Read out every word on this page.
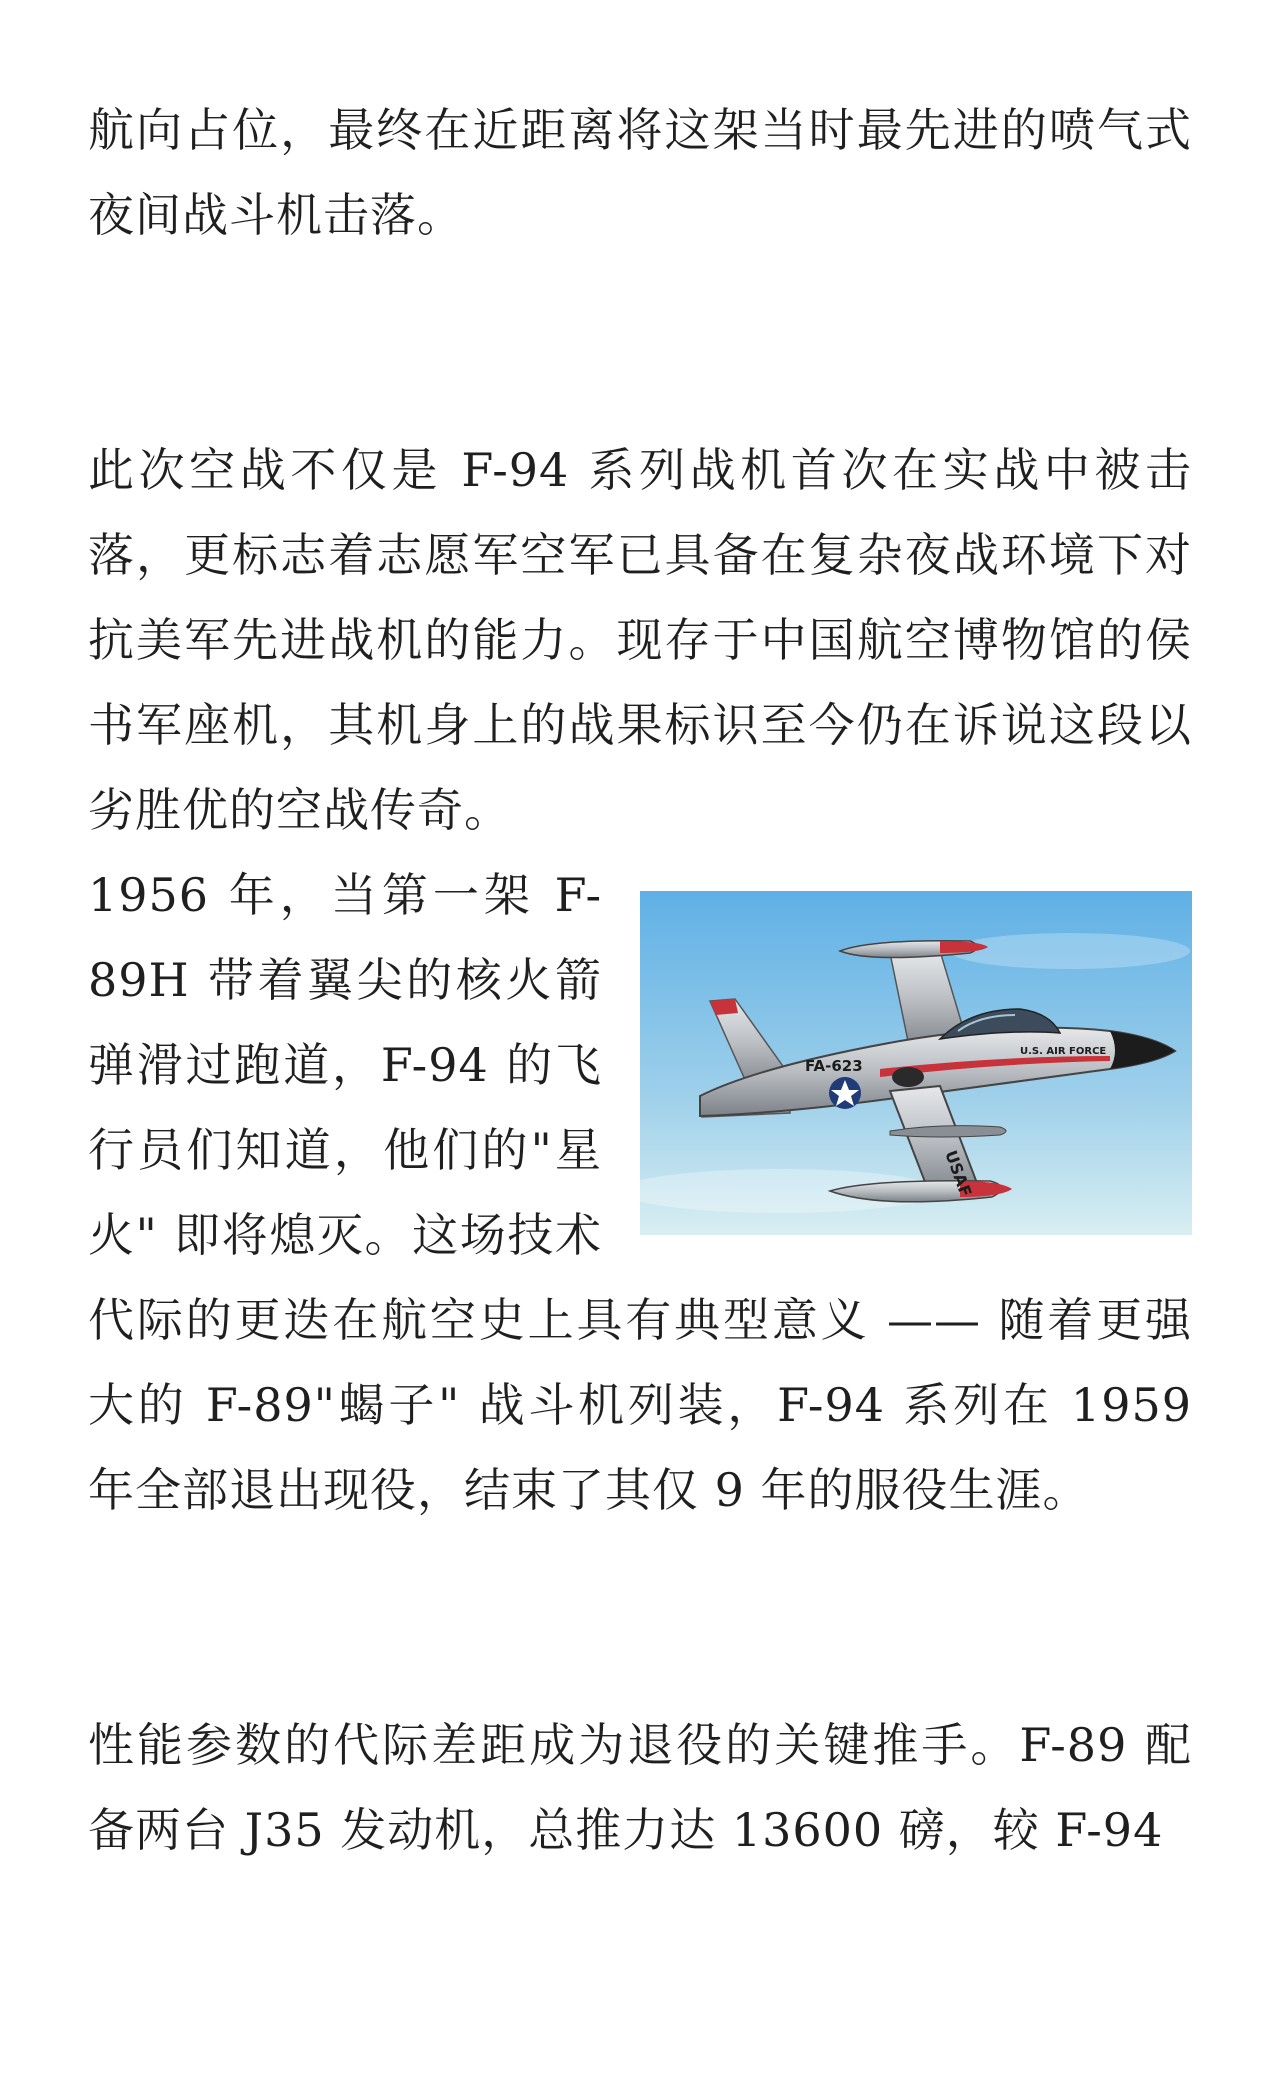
航向占位，最终在近距离将这架当时最先进的喷气式夜间战斗机击落。

此次空战不仅是 F-94 系列战机首次在实战中被击落，更标志着志愿军空军已具备在复杂夜战环境下对抗美军先进战机的能力。现存于中国航空博物馆的侯书军座机，其机身上的战果标识至今仍在诉说这段以劣胜优的空战传奇。

FA-623
U.S. AIR FORCE
USAF

1956 年，当第一架 F-89H 带着翼尖的核火箭弹滑过跑道，F-94 的飞行员们知道，他们的"星火" 即将熄灭。这场技术代际的更迭在航空史上具有典型意义 —— 随着更强大的 F-89"蝎子" 战斗机列装，F-94 系列在 1959 年全部退出现役，结束了其仅 9 年的服役生涯。

性能参数的代际差距成为退役的关键推手。F-89 配备两台 J35 发动机，总推力达 13600 磅，较 F-94
